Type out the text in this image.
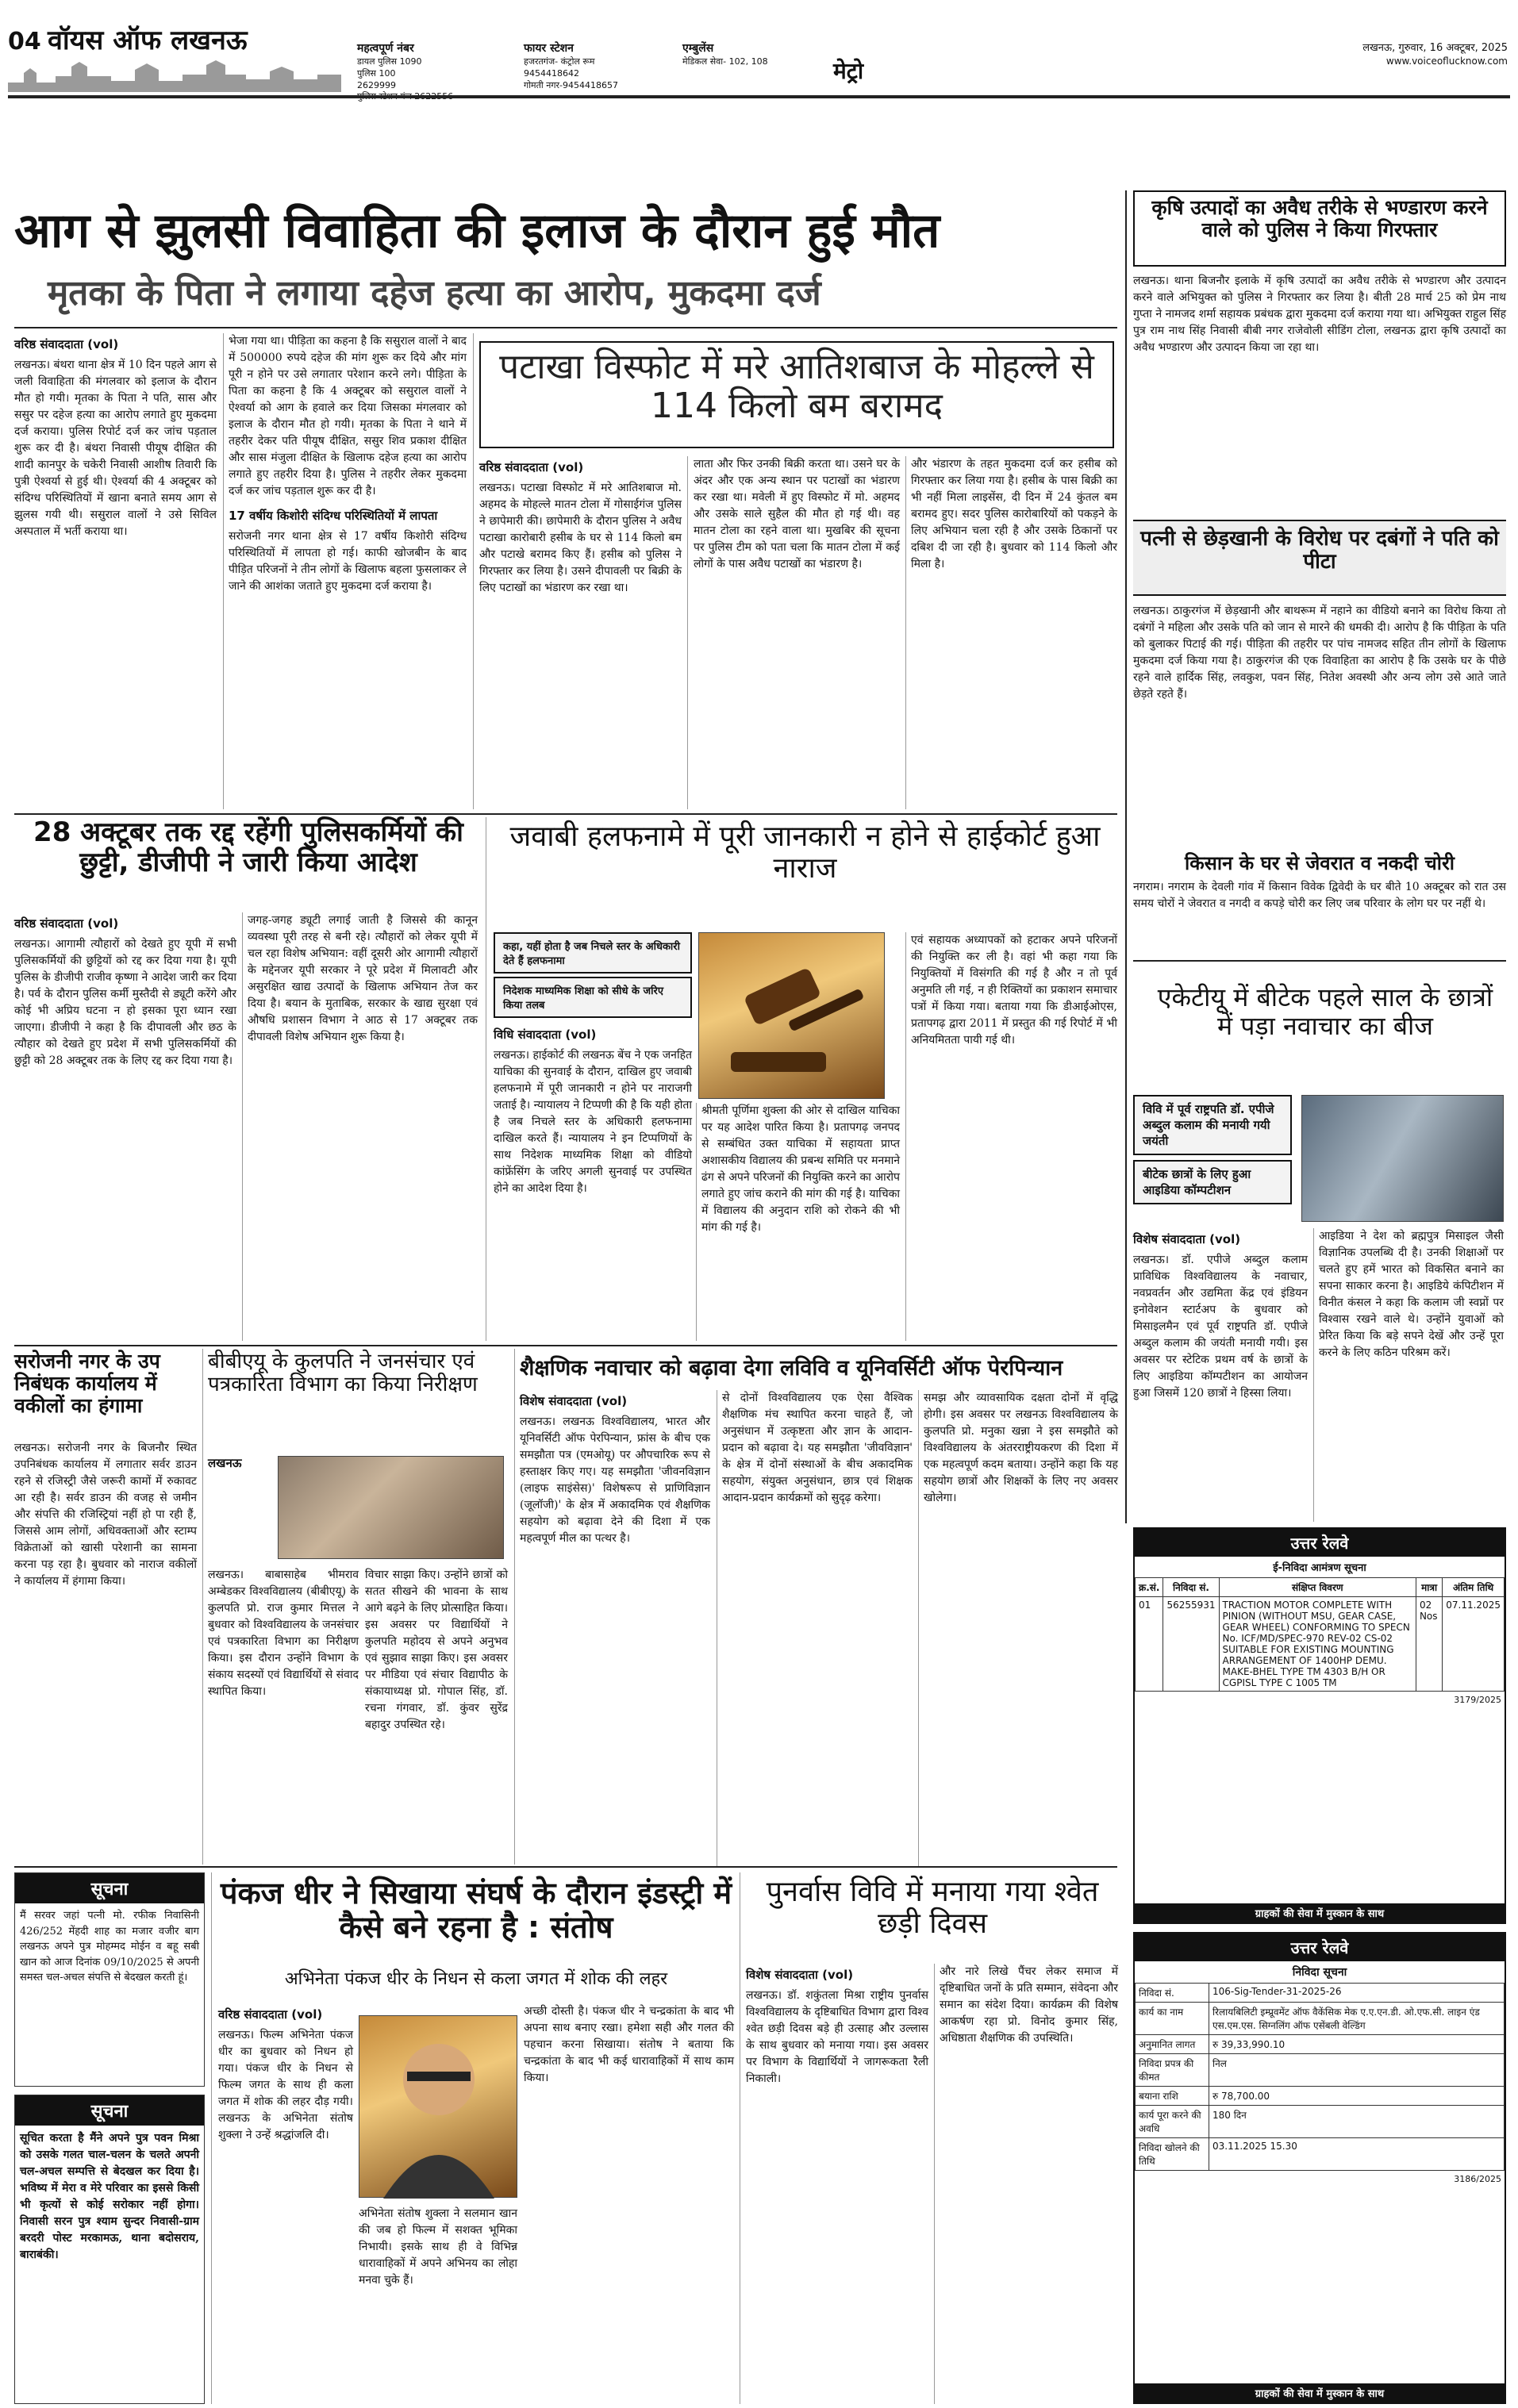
04 वॉयस ऑफ लखनऊ	महत्वपूर्ण नंबर
डायल पुलिस 1090
पुलिस 100
2629999
फायर स्टेशन
हजरतगंज- कंट्रोल रूम
9454418642
गोमती नगर-9454418657
एम्बुलेंस
मेडिकल सेवा- 102, 108	मेट्रो
लखनऊ, गुरुवार, 16 अक्टूबर, 2025
www.voiceoflucknow.com
आग से झुलसी विवाहिता की इलाज के दौरान हुई मौत
मृतका के पिता ने लगाया दहेज हत्या का आरोप, मुकदमा दर्ज
वरिष्ठ संवाददाता (vol)
लखनऊ। बंथरा थाना क्षेत्र में 10 दिन पहले आग से जली विवाहिता की मंगलवार को इलाज के दौरान मौत हो गयी। मृतका के पिता ने पति, सास और ससुर पर दहेज हत्या का आरोप लगाते हुए मुकदमा दर्ज कराया। पुलिस रिपोर्ट दर्ज कर जांच पड़ताल शुरू कर दी है। बंथरा निवासी पीयूष दीक्षित की शादी कानपुर के चकेरी निवासी आशीष तिवारी कि पुत्री ऐश्वर्या से हुई थी। ऐश्वर्या की 4 अक्टूबर को संदिग्ध परिस्थितियों में खाना बनाते समय आग से झुलस गयी थी। ससुराल वालों ने उसे सिविल अस्पताल में भर्ती कराया था।
भेजा गया था। पीड़िता का कहना है कि ससुराल वालों ने बाद में 500000 रुपये दहेज की मांग शुरू कर दिये और मांग पूरी न होने पर उसे लगातार परेशान करने लगे। पीड़िता के पिता का कहना है कि 4 अक्टूबर को ससुराल वालों ने ऐश्वर्या को आग के हवाले कर दिया जिसका मंगलवार को इलाज के दौरान मौत हो गयी। मृतका के पिता ने थाने में तहरीर देकर पति पीयूष दीक्षित, ससुर शिव प्रकाश दीक्षित और सास मंजुला दीक्षित के खिलाफ दहेज हत्या का आरोप लगाते हुए तहरीर दिया है। पुलिस ने तहरीर लेकर मुकदमा दर्ज कर जांच पड़ताल शुरू कर दी है।
17 वर्षीय किशोरी संदिग्ध परिस्थितियों में लापता
सरोजनी नगर थाना क्षेत्र से 17 वर्षीय किशोरी संदिग्ध परिस्थितियों में लापता हो गई। काफी खोजबीन के बाद पीड़ित परिजनों ने तीन लोगों के खिलाफ बहला फुसलाकर ले जाने की आशंका जताते हुए मुकदमा दर्ज कराया है।
पटाखा विस्फोट में मरे आतिशबाज के मोहल्ले से 114 किलो बम बरामद
वरिष्ठ संवाददाता (vol)
लखनऊ। पटाखा विस्फोट में मरे आतिशबाज मो. अहमद के मोहल्ले मातन टोला में गोसाईगंज पुलिस ने छापेमारी की। छापेमारी के दौरान पुलिस ने अवैध पटाखा कारोबारी हसीब के घर से 114 किलो बम और पटाखे बरामद किए हैं। हसीब को पुलिस ने गिरफ्तार कर लिया है। उसने दीपावली पर बिक्री के लिए पटाखों का भंडारण कर रखा था।
लाता और फिर उनकी बिक्री करता था। उसने घर के अंदर और एक अन्य स्थान पर पटाखों का भंडारण कर रखा था। मवेली में हुए विस्फोट में मो. अहमद और उसके साले सुहैल की मौत हो गई थी। वह मातन टोला का रहने वाला था। मुखबिर की सूचना पर पुलिस टीम को पता चला कि मातन टोला में कई लोगों के पास अवैध पटाखों का भंडारण है।
और भंडारण के तहत मुकदमा दर्ज कर हसीब को गिरफ्तार कर लिया गया है। हसीब के पास बिक्री का भी नहीं मिला लाइसेंस, दी दिन में 24 कुंतल बम बरामद हुए। सदर पुलिस कारोबारियों को पकड़ने के लिए अभियान चला रही है और उसके ठिकानों पर दबिश दी जा रही है। बुधवार को 114 किलो और मिला है।
कृषि उत्पादों का अवैध तरीके से भण्डारण करने वाले को पुलिस ने किया गिरफ्तार
लखनऊ। थाना बिजनौर इलाके में कृषि उत्पादों का अवैध तरीके से भण्डारण और उत्पादन करने वाले अभियुक्त को पुलिस ने गिरफ्तार कर लिया है। बीती 28 मार्च 25 को प्रेम नाथ गुप्ता ने नामजद शर्मा सहायक प्रबंधक द्वारा मुकदमा दर्ज कराया गया था। अभियुक्त राहुल सिंह पुत्र राम नाथ सिंह निवासी बीबी नगर राजेवोली सीडिंग टोला, लखनऊ द्वारा कृषि उत्पादों का अवैध भण्डारण और उत्पादन किया जा रहा था।
पत्नी से छेड़खानी के विरोध पर दबंगों ने पति को पीटा
लखनऊ। ठाकुरगंज में छेड़खानी और बाथरूम में नहाने का वीडियो बनाने का विरोध किया तो दबंगों ने महिला और उसके पति को जान से मारने की धमकी दी। आरोप है कि पीड़िता के पति को बुलाकर पिटाई की गई। पीड़िता की तहरीर पर पांच नामजद सहित तीन लोगों के खिलाफ मुकदमा दर्ज किया गया है। ठाकुरगंज की एक विवाहिता का आरोप है कि उसके घर के पीछे रहने वाले हार्दिक सिंह, लवकुश, पवन सिंह, नितेश अवस्थी और अन्य लोग उसे आते जाते छेड़ते रहते हैं।
किसान के घर से जेवरात व नकदी चोरी
नगराम। नगराम के देवली गांव में किसान विवेक द्विवेदी के घर बीते 10 अक्टूबर को रात उस समय चोरों ने जेवरात व नगदी व कपड़े चोरी कर लिए जब परिवार के लोग घर पर नहीं थे।
एकेटीयू में बीटेक पहले साल के छात्रों में पड़ा नवाचार का बीज
विवि में पूर्व राष्ट्रपति डॉ. एपीजे अब्दुल कलाम की मनायी गयी जयंती
बीटेक छात्रों के लिए हुआ आइडिया कॉम्पटीशन
विशेष संवाददाता (vol)
लखनऊ। डॉ. एपीजे अब्दुल कलाम प्राविधिक विश्वविद्यालय के नवाचार, नवप्रवर्तन और उद्यमिता केंद्र एवं इंडियन इनोवेशन स्टार्टअप के बुधवार को मिसाइलमैन एवं पूर्व राष्ट्रपति डॉ. एपीजे अब्दुल कलाम की जयंती मनायी गयी। इस अवसर पर स्टेटिक प्रथम वर्ष के छात्रों के लिए आइडिया कॉम्पटीशन का आयोजन हुआ जिसमें 120 छात्रों ने हिस्सा लिया।
आइडिया ने देश को ब्रह्मपुत्र मिसाइल जैसी विज्ञानिक उपलब्धि दी है। उनकी शिक्षाओं पर चलते हुए हमें भारत को विकसित बनाने का सपना साकार करना है। आइडिये कंपिटीशन में विनीत कंसल ने कहा कि कलाम जी स्वप्नों पर विश्वास रखने वाले थे। उन्होंने युवाओं को प्रेरित किया कि बड़े सपने देखें और उन्हें पूरा करने के लिए कठिन परिश्रम करें।
28 अक्टूबर तक रद्द रहेंगी पुलिसकर्मियों की छुट्टी, डीजीपी ने जारी किया आदेश
वरिष्ठ संवाददाता (vol)
लखनऊ। आगामी त्यौहारों को देखते हुए यूपी में सभी पुलिसकर्मियों की छुट्टियों को रद्द कर दिया गया है। यूपी पुलिस के डीजीपी राजीव कृष्णा ने आदेश जारी कर दिया है। पर्व के दौरान पुलिस कर्मी मुस्तैदी से ड्यूटी करेंगे और कोई भी अप्रिय घटना न हो इसका पूरा ध्यान रखा जाएगा। डीजीपी ने कहा है कि दीपावली और छठ के त्यौहार को देखते हुए प्रदेश में सभी पुलिसकर्मियों की छुट्टी को 28 अक्टूबर तक के लिए रद्द कर दिया गया है।
जगह-जगह ड्यूटी लगाई जाती है जिससे की कानून व्यवस्था पूरी तरह से बनी रहे। त्यौहारों को लेकर यूपी में चल रहा विशेष अभियान: वहीं दूसरी ओर आगामी त्यौहारों के मद्देनजर यूपी सरकार ने पूरे प्रदेश में मिलावटी और असुरक्षित खाद्य उत्पादों के खिलाफ अभियान तेज कर दिया है। बयान के मुताबिक, सरकार के खाद्य सुरक्षा एवं औषधि प्रशासन विभाग ने आठ से 17 अक्टूबर तक दीपावली विशेष अभियान शुरू किया है।
जवाबी हलफनामे में पूरी जानकारी न होने से हाईकोर्ट हुआ नाराज
कहा, यहीं होता है जब निचले स्तर के अधिकारी देते हैं हलफनामा
निदेशक माध्यमिक शिक्षा को सीधे के जरिए किया तलब
विधि संवाददाता (vol)
लखनऊ। हाईकोर्ट की लखनऊ बेंच ने एक जनहित याचिका की सुनवाई के दौरान, दाखिल हुए जवाबी हलफनामे में पूरी जानकारी न होने पर नाराजगी जताई है। न्यायालय ने टिप्पणी की है कि यही होता है जब निचले स्तर के अधिकारी हलफनामा दाखिल करते हैं। न्यायालय ने इन टिप्पणियों के साथ निदेशक माध्यमिक शिक्षा को वीडियो कांफ्रेंसिंग के जरिए अगली सुनवाई पर उपस्थित होने का आदेश दिया है।
श्रीमती पूर्णिमा शुक्ला की ओर से दाखिल याचिका पर यह आदेश पारित किया है। प्रतापगढ़ जनपद से सम्बंधित उक्त याचिका में सहायता प्राप्त अशासकीय विद्यालय की प्रबन्ध समिति पर मनमाने ढंग से अपने परिजनों की नियुक्ति करने का आरोप लगाते हुए जांच कराने की मांग की गई है। याचिका में विद्यालय की अनुदान राशि को रोकने की भी मांग की गई है।
एवं सहायक अध्यापकों को हटाकर अपने परिजनों की नियुक्ति कर ली है। वहां भी कहा गया कि नियुक्तियों में विसंगति की गई है और न तो पूर्व अनुमति ली गई, न ही रिक्तियों का प्रकाशन समाचार पत्रों में किया गया। बताया गया कि डीआईओएस, प्रतापगढ़ द्वारा 2011 में प्रस्तुत की गई रिपोर्ट में भी अनियमितता पायी गई थी।
सरोजनी नगर के उप निबंधक कार्यालय में वकीलों का हंगामा
लखनऊ। सरोजनी नगर के बिजनौर स्थित उपनिबंधक कार्यालय में लगातार सर्वर डाउन रहने से रजिस्ट्री जैसे जरूरी कामों में रुकावट आ रही है। सर्वर डाउन की वजह से जमीन और संपत्ति की रजिस्ट्रियां नहीं हो पा रही हैं, जिससे आम लोगों, अधिवक्ताओं और स्टाम्प विक्रेताओं को खासी परेशानी का सामना करना पड़ रहा है। बुधवार को नाराज वकीलों ने कार्यालय में हंगामा किया।
बीबीएयू के कुलपति ने जनसंचार एवं पत्रकारिता विभाग का किया निरीक्षण
लखनऊ
लखनऊ। बाबासाहेब भीमराव अम्बेडकर विश्वविद्यालय (बीबीएयू) के कुलपति प्रो. राज कुमार मित्तल ने बुधवार को विश्वविद्यालय के जनसंचार एवं पत्रकारिता विभाग का निरीक्षण किया। इस दौरान उन्होंने विभाग के संकाय सदस्यों एवं विद्यार्थियों से संवाद स्थापित किया।
विचार साझा किए। उन्होंने छात्रों को सतत सीखने की भावना के साथ आगे बढ़ने के लिए प्रोत्साहित किया। इस अवसर पर विद्यार्थियों ने कुलपति महोदय से अपने अनुभव एवं सुझाव साझा किए। इस अवसर पर मीडिया एवं संचार विद्यापीठ के संकायाध्यक्ष प्रो. गोपाल सिंह, डॉ. रचना गंगवार, डॉ. कुंवर सुरेंद्र बहादुर उपस्थित रहे।
शैक्षणिक नवाचार को बढ़ावा देगा लविवि व यूनिवर्सिटी ऑफ पेरपिन्यान
विशेष संवाददाता (vol)
लखनऊ। लखनऊ विश्वविद्यालय, भारत और यूनिवर्सिटी ऑफ पेरपिन्यान, फ्रांस के बीच एक समझौता पत्र (एमओयू) पर औपचारिक रूप से हस्ताक्षर किए गए। यह समझौता 'जीवनविज्ञान (लाइफ साइंसेस)' विशेषरूप से प्राणिविज्ञान (जूलॉजी)' के क्षेत्र में अकादमिक एवं शैक्षणिक सहयोग को बढ़ावा देने की दिशा में एक महत्वपूर्ण मील का पत्थर है।
से दोनों विश्वविद्यालय एक ऐसा वैश्विक शैक्षणिक मंच स्थापित करना चाहते हैं, जो अनुसंधान में उत्कृष्टता और ज्ञान के आदान-प्रदान को बढ़ावा दे। यह समझौता 'जीवविज्ञान' के क्षेत्र में दोनों संस्थाओं के बीच अकादमिक सहयोग, संयुक्त अनुसंधान, छात्र एवं शिक्षक आदान-प्रदान कार्यक्रमों को सुदृढ़ करेगा।
समझ और व्यावसायिक दक्षता दोनों में वृद्धि होगी। इस अवसर पर लखनऊ विश्वविद्यालय के कुलपति प्रो. मनुका खन्ना ने इस समझौते को विश्वविद्यालय के अंतरराष्ट्रीयकरण की दिशा में एक महत्वपूर्ण कदम बताया। उन्होंने कहा कि यह सहयोग छात्रों और शिक्षकों के लिए नए अवसर खोलेगा।
सूचना
मैं सरवर जहां पत्नी मो. रफीक निवासिनी 426/252 मेंहदी शाह का मजार वजीर बाग लखनऊ अपने पुत्र मोहम्मद मोईन व बहू सबी खान को आज दिनांक 09/10/2025 से अपनी समस्त चल-अचल संपत्ति से बेदखल करती हूं।
सूचना
सूचित करता है मैंने अपने पुत्र पवन मिश्रा को उसके गलत चाल-चलन के चलते अपनी चल-अचल सम्पत्ति से बेदखल कर दिया है। भविष्य में मेरा व मेरे परिवार का इससे किसी भी कृत्यों से कोई सरोकार नहीं होगा। निवासी सरन पुत्र श्याम सुन्दर निवासी-ग्राम बरदरी पोस्ट मरकामऊ, थाना बदोसराय, बाराबंकी।
पंकज धीर ने सिखाया संघर्ष के दौरान इंडस्ट्री में कैसे बने रहना है : संतोष
अभिनेता पंकज धीर के निधन से कला जगत में शोक की लहर
वरिष्ठ संवाददाता (vol)
लखनऊ। फिल्म अभिनेता पंकज धीर का बुधवार को निधन हो गया। पंकज धीर के निधन से फिल्म जगत के साथ ही कला जगत में शोक की लहर दौड़ गयी। लखनऊ के अभिनेता संतोष शुक्ला ने उन्हें श्रद्धांजलि दी।
अभिनेता संतोष शुक्ला ने सलमान खान की जब हो फिल्म में सशक्त भूमिका निभायी। इसके साथ ही वे विभिन्न धारावाहिकों में अपने अभिनय का लोहा मनवा चुके हैं।
अच्छी दोस्ती है। पंकज धीर ने चन्द्रकांता के बाद भी अपना साथ बनाए रखा। हमेशा सही और गलत की पहचान करना सिखाया। संतोष ने बताया कि चन्द्रकांता के बाद भी कई धारावाहिकों में साथ काम किया।
पुनर्वास विवि में मनाया गया श्वेत छड़ी दिवस
विशेष संवाददाता (vol)
लखनऊ। डॉ. शकुंतला मिश्रा राष्ट्रीय पुनर्वास विश्वविद्यालय के दृष्टिबाधित विभाग द्वारा विश्व श्वेत छड़ी दिवस बड़े ही उत्साह और उल्लास के साथ बुधवार को मनाया गया। इस अवसर पर विभाग के विद्यार्थियों ने जागरूकता रैली निकाली।
और नारे लिखे पैंचर लेकर समाज में दृष्टिबाधित जनों के प्रति सम्मान, संवेदना और समान का संदेश दिया। कार्यक्रम की विशेष आकर्षण रहा प्रो. विनोद कुमार सिंह, अधिष्ठाता शैक्षणिक की उपस्थिति।
उत्तर रेलवे
ई-निविदा आमंत्रण सूचना
क्र.सं.	निविदा सं.	संक्षिप्त विवरण	मात्रा	अंतिम तिथि
01	56255931	TRACTION MOTOR COMPLETE WITH PINION (WITHOUT MSU, GEAR CASE, GEAR WHEEL) CONFORMING TO SPECN No. ICF/MD/SPEC-970 REV-02 CS-02 SUITABLE FOR EXISTING MOUNTING ARRANGEMENT OF 1400HP DEMU. MAKE-BHEL TYPE TM 4303 B/H OR CGPISL TYPE C 1005 TM	02 Nos	07.11.2025
3179/2025
ग्राहकों की सेवा में मुस्कान के साथ
उत्तर रेलवे
निविदा सूचना
निविदा सं.	106-Sig-Tender-31-2025-26
कार्य का नाम	रिलायबिलिटी इम्प्रूवमेंट ऑफ वैकेंसिक मेक ए.ए.एन.डी. ओ.एफ.सी. लाइन एंड एस.एम.एस. सिग्नलिंग ऑफ एसेंबली वेल्डिंग
अनुमानित लागत	रु 39,33,990.10
निविदा प्रपत्र की कीमत	निल
बयाना राशि	रु 78,700.00
कार्य पूरा करने की अवधि	180 दिन
निविदा खोलने की तिथि	03.11.2025 15.30
3186/2025
ग्राहकों की सेवा में मुस्कान के साथ
